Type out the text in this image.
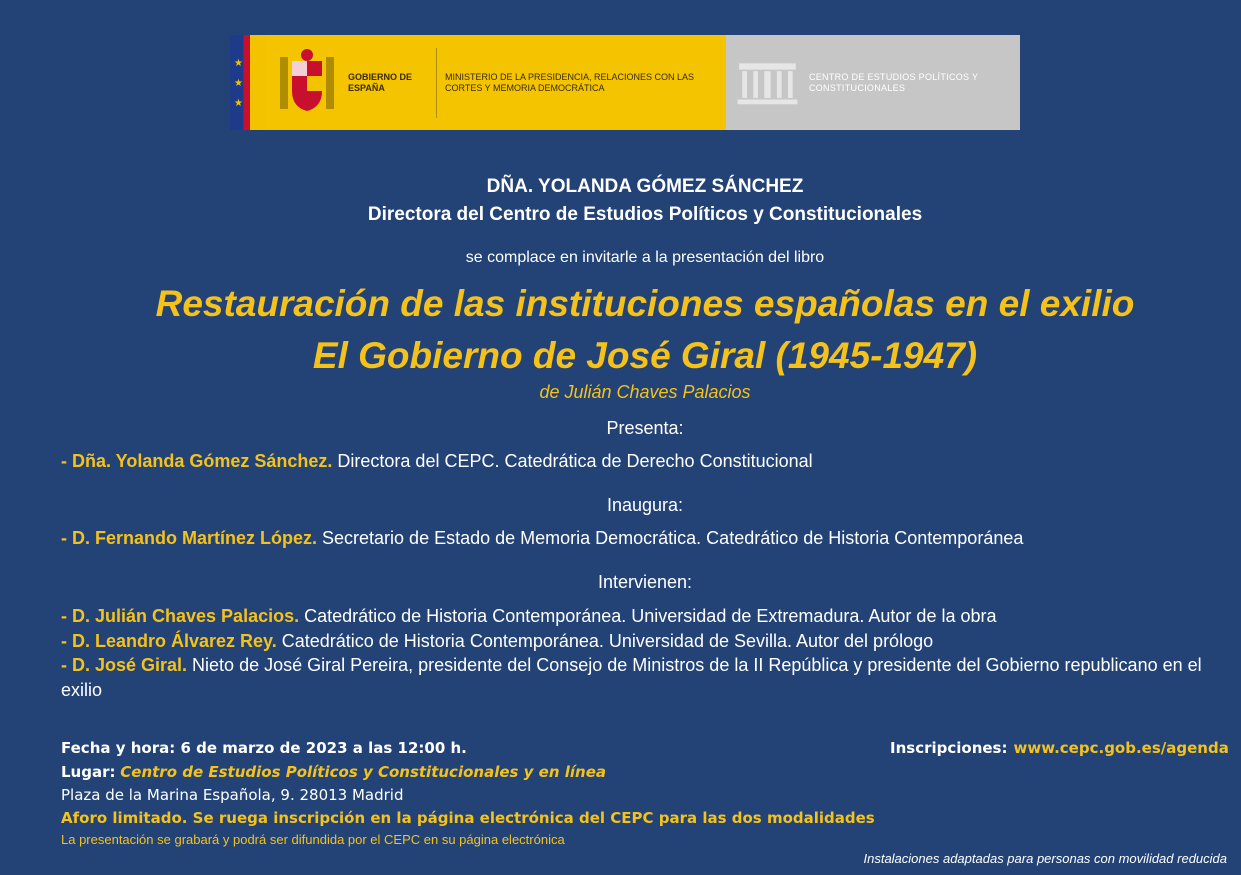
★
★
★
GOBIERNO DE ESPAÑA
MINISTERIO DE LA PRESIDENCIA, RELACIONES CON LAS CORTES Y MEMORIA DEMOCRÁTICA
CENTRO DE ESTUDIOS POLÍTICOS Y CONSTITUCIONALES
DÑA. YOLANDA GÓMEZ SÁNCHEZ
Directora del Centro de Estudios Políticos y Constitucionales
se complace en invitarle a la presentación del libro
Restauración de las instituciones españolas en el exilio
El Gobierno de José Giral (1945-1947)
de Julián Chaves Palacios
Presenta:
- Dña. Yolanda Gómez Sánchez. Directora del CEPC. Catedrática de Derecho Constitucional
Inaugura:
- D. Fernando Martínez López. Secretario de Estado de Memoria Democrática. Catedrático de Historia Contemporánea
Intervienen:
- D. Julián Chaves Palacios. Catedrático de Historia Contemporánea. Universidad de Extremadura. Autor de la obra
- D. Leandro Álvarez Rey. Catedrático de Historia Contemporánea. Universidad de Sevilla. Autor del prólogo
- D. José Giral. Nieto de José Giral Pereira, presidente del Consejo de Ministros de la II República y presidente del Gobierno republicano en el exilio
Fecha y hora: 6 de marzo de 2023 a las 12:00 h.
Lugar: Centro de Estudios Políticos y Constitucionales y en línea
Plaza de la Marina Española, 9. 28013 Madrid
Aforo limitado. Se ruega inscripción en la página electrónica del CEPC para las dos modalidades
La presentación se grabará y podrá ser difundida por el CEPC en su página electrónica
Inscripciones: www.cepc.gob.es/agenda
Instalaciones adaptadas para personas con movilidad reducida
